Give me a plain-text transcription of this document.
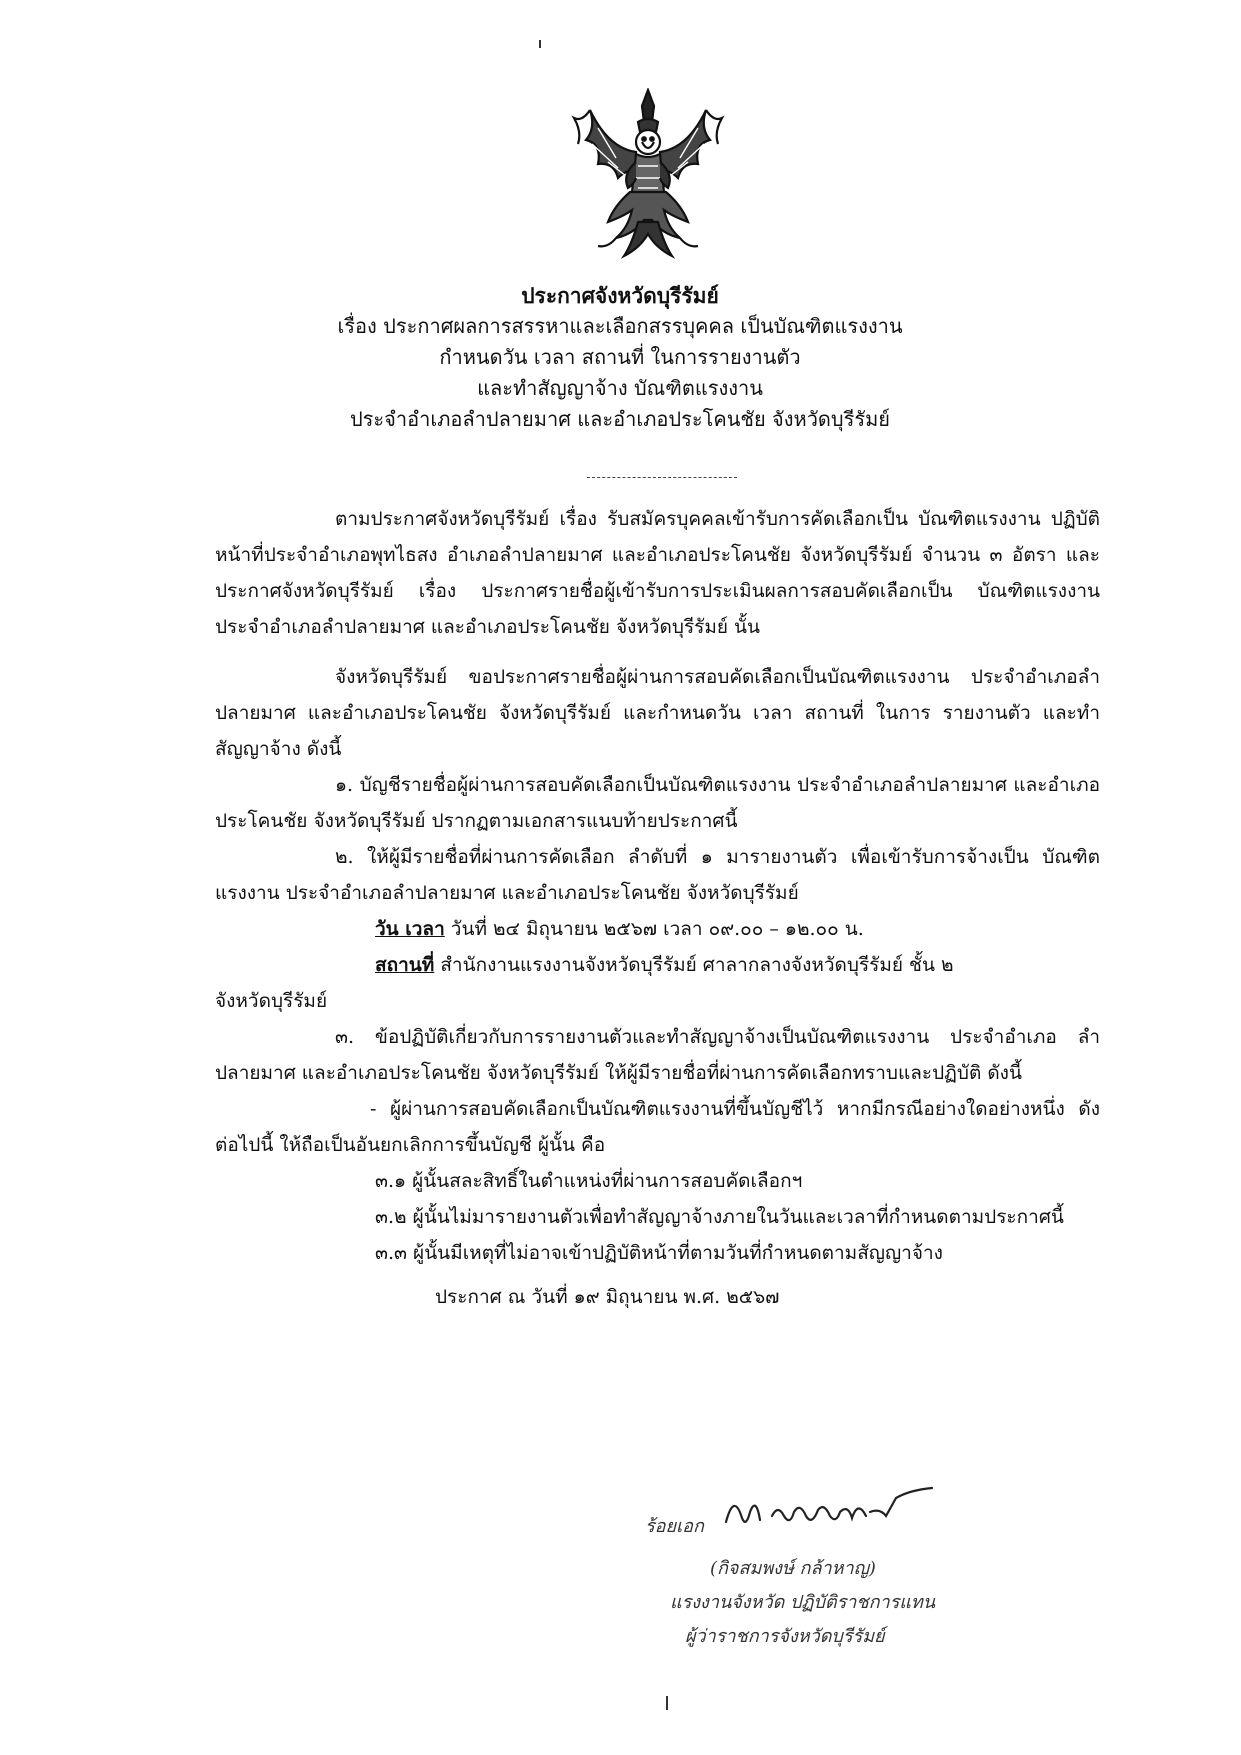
ประกาศจังหวัดบุรีรัมย์
เรื่อง ประกาศผลการสรรหาและเลือกสรรบุคคล เป็นบัณฑิตแรงงาน
กำหนดวัน เวลา สถานที่ ในการรายงานตัว
และทำสัญญาจ้าง บัณฑิตแรงงาน
ประจำอำเภอลำปลายมาศ และอำเภอประโคนชัย จังหวัดบุรีรัมย์

ตามประกาศจังหวัดบุรีรัมย์ เรื่อง รับสมัครบุคคลเข้ารับการคัดเลือกเป็น บัณฑิตแรงงาน ปฏิบัติหน้าที่ประจำอำเภอพุทไธสง อำเภอลำปลายมาศ และอำเภอประโคนชัย จังหวัดบุรีรัมย์ จำนวน ๓ อัตรา และประกาศจังหวัดบุรีรัมย์ เรื่อง ประกาศรายชื่อผู้เข้ารับการประเมินผลการสอบคัดเลือกเป็น บัณฑิตแรงงาน ประจำอำเภอลำปลายมาศ และอำเภอประโคนชัย จังหวัดบุรีรัมย์ นั้น

จังหวัดบุรีรัมย์ ขอประกาศรายชื่อผู้ผ่านการสอบคัดเลือกเป็นบัณฑิตแรงงาน ประจำอำเภอลำปลายมาศ และอำเภอประโคนชัย จังหวัดบุรีรัมย์ และกำหนดวัน เวลา สถานที่ ในการ รายงานตัว และทำสัญญาจ้าง ดังนี้

๑. บัญชีรายชื่อผู้ผ่านการสอบคัดเลือกเป็นบัณฑิตแรงงาน ประจำอำเภอลำปลายมาศ และอำเภอ ประโคนชัย จังหวัดบุรีรัมย์ ปรากฏตามเอกสารแนบท้ายประกาศนี้

๒. ให้ผู้มีรายชื่อที่ผ่านการคัดเลือก ลำดับที่ ๑ มารายงานตัว เพื่อเข้ารับการจ้างเป็น บัณฑิตแรงงาน ประจำอำเภอลำปลายมาศ และอำเภอประโคนชัย จังหวัดบุรีรัมย์

วัน เวลา วันที่ ๒๔ มิถุนายน ๒๕๖๗ เวลา ๐๙.๐๐ – ๑๒.๐๐ น.

สถานที่ สำนักงานแรงงานจังหวัดบุรีรัมย์ ศาลากลางจังหวัดบุรีรัมย์ ชั้น ๒

จังหวัดบุรีรัมย์

๓. ข้อปฏิบัติเกี่ยวกับการรายงานตัวและทำสัญญาจ้างเป็นบัณฑิตแรงงาน ประจำอำเภอ ลำปลายมาศ และอำเภอประโคนชัย จังหวัดบุรีรัมย์ ให้ผู้มีรายชื่อที่ผ่านการคัดเลือกทราบและปฏิบัติ ดังนี้

- ผู้ผ่านการสอบคัดเลือกเป็นบัณฑิตแรงงานที่ขึ้นบัญชีไว้ หากมีกรณีอย่างใดอย่างหนึ่ง ดังต่อไปนี้ ให้ถือเป็นอันยกเลิกการขึ้นบัญชี ผู้นั้น คือ

๓.๑ ผู้นั้นสละสิทธิ์ในตำแหน่งที่ผ่านการสอบคัดเลือกฯ

๓.๒ ผู้นั้นไม่มารายงานตัวเพื่อทำสัญญาจ้างภายในวันและเวลาที่กำหนดตามประกาศนี้

๓.๓ ผู้นั้นมีเหตุที่ไม่อาจเข้าปฏิบัติหน้าที่ตามวันที่กำหนดตามสัญญาจ้าง

ประกาศ ณ วันที่ ๑๙ มิถุนายน พ.ศ. ๒๕๖๗

ร้อยเอก
(กิจสมพงษ์ กล้าหาญ)
แรงงานจังหวัด ปฏิบัติราชการแทน
ผู้ว่าราชการจังหวัดบุรีรัมย์
